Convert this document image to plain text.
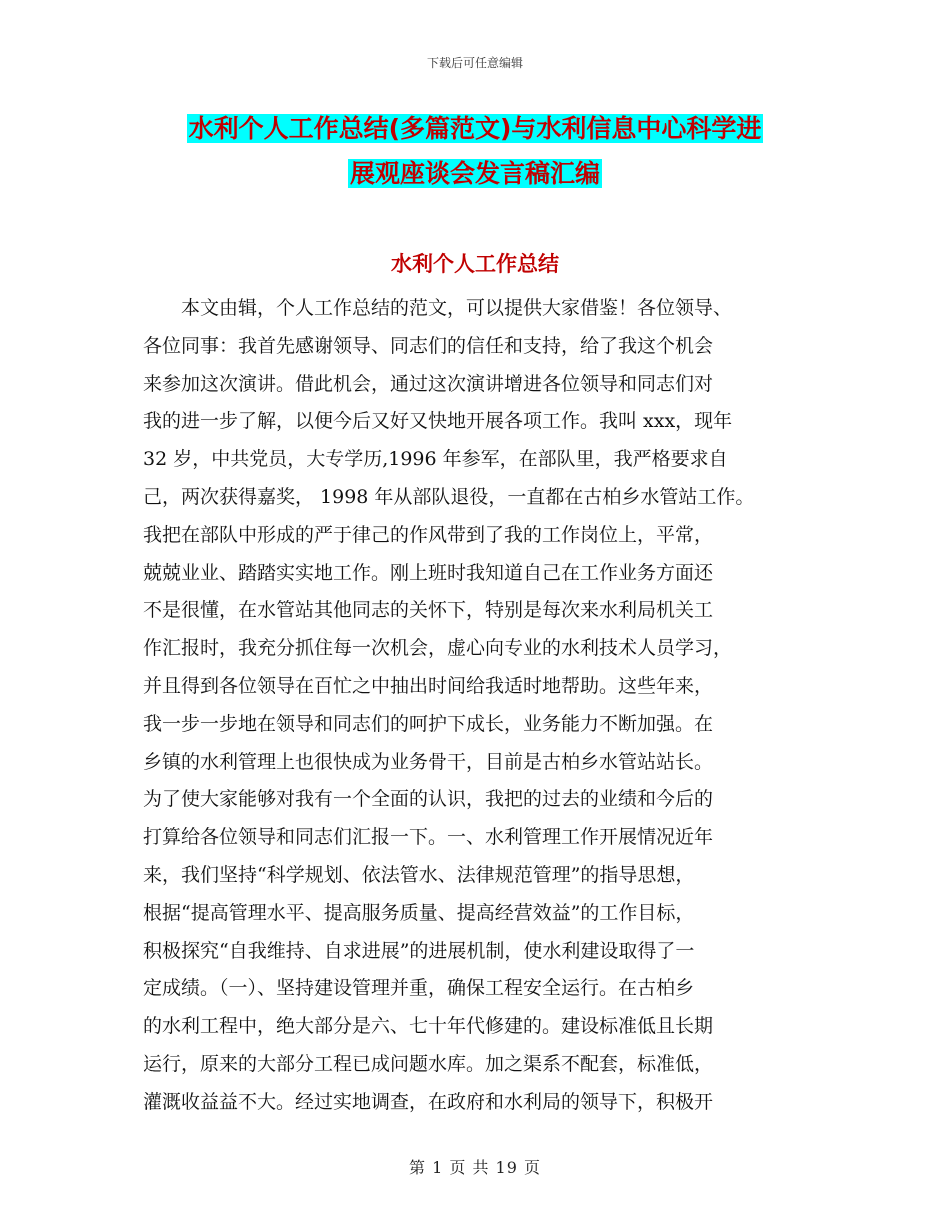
下载后可任意编辑
水利个人工作总结(多篇范文)与水利信息中心科学进
展观座谈会发言稿汇编
水利个人工作总结
　　本文由辑，个人工作总结的范文，可以提供大家借鉴！各位领导、
各位同事：我首先感谢领导、同志们的信任和支持，给了我这个机会
来参加这次演讲。借此机会，通过这次演讲增进各位领导和同志们对
我的进一步了解，以便今后又好又快地开展各项工作。我叫 xxx，现年
32 岁，中共党员，大专学历,1996 年参军，在部队里，我严格要求自
己，两次获得嘉奖， 1998 年从部队退役，一直都在古柏乡水管站工作。
我把在部队中形成的严于律己的作风带到了我的工作岗位上，平常，
兢兢业业、踏踏实实地工作。刚上班时我知道自己在工作业务方面还
不是很懂，在水管站其他同志的关怀下，特别是每次来水利局机关工
作汇报时，我充分抓住每一次机会，虚心向专业的水利技术人员学习，
并且得到各位领导在百忙之中抽出时间给我适时地帮助。这些年来，
我一步一步地在领导和同志们的呵护下成长，业务能力不断加强。在
乡镇的水利管理上也很快成为业务骨干，目前是古柏乡水管站站长。
为了使大家能够对我有一个全面的认识，我把的过去的业绩和今后的
打算给各位领导和同志们汇报一下。一、水利管理工作开展情况近年
来，我们坚持“科学规划、依法管水、法律规范管理”的指导思想，
根据“提高管理水平、提高服务质量、提高经营效益”的工作目标，
积极探究“自我维持、自求进展”的进展机制，使水利建设取得了一
定成绩。（一）、坚持建设管理并重，确保工程安全运行。在古柏乡
的水利工程中，绝大部分是六、七十年代修建的。建设标准低且长期
运行，原来的大部分工程已成问题水库。加之渠系不配套，标准低，
灌溉收益益不大。经过实地调查，在政府和水利局的领导下，积极开
第 1 页 共 19 页
